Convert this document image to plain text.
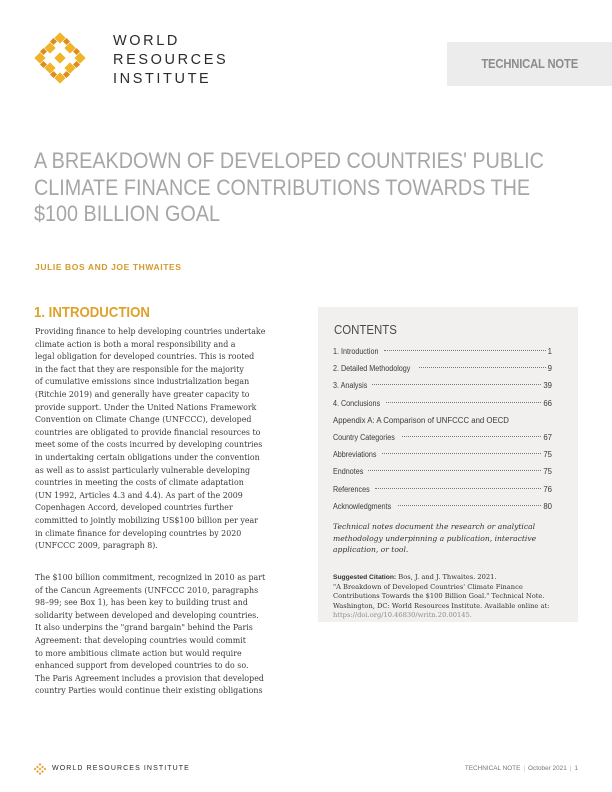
WORLD
RESOURCES
INSTITUTE
TECHNICAL NOTE
A BREAKDOWN OF DEVELOPED COUNTRIES' PUBLIC
CLIMATE FINANCE CONTRIBUTIONS TOWARDS THE
$100 BILLION GOAL
JULIE BOS AND JOE THWAITES
1. INTRODUCTION
Providing finance to help developing countries undertake
climate action is both a moral responsibility and a
legal obligation for developed countries. This is rooted
in the fact that they are responsible for the majority
of cumulative emissions since industrialization began
(Ritchie 2019) and generally have greater capacity to
provide support. Under the United Nations Framework
Convention on Climate Change (UNFCCC), developed
countries are obligated to provide financial resources to
meet some of the costs incurred by developing countries
in undertaking certain obligations under the convention
as well as to assist particularly vulnerable developing
countries in meeting the costs of climate adaptation
(UN 1992, Articles 4.3 and 4.4). As part of the 2009
Copenhagen Accord, developed countries further
committed to jointly mobilizing US$100 billion per year
in climate finance for developing countries by 2020
(UNFCCC 2009, paragraph 8).
The $100 billion commitment, recognized in 2010 as part
of the Cancun Agreements (UNFCCC 2010, paragraphs
98–99; see Box 1), has been key to building trust and
solidarity between developed and developing countries.
It also underpins the "grand bargain" behind the Paris
Agreement: that developing countries would commit
to more ambitious climate action but would require
enhanced support from developed countries to do so.
The Paris Agreement includes a provision that developed
country Parties would continue their existing obligations
CONTENTS
1. Introduction	1
2. Detailed Methodology	9
3. Analysis	39
4. Conclusions	66
Appendix A: A Comparison of UNFCCC and OECD
Country Categories	67
Abbreviations	75
Endnotes	75
References	76
Acknowledgments	80
Technical notes document the research or analytical
methodology underpinning a publication, interactive
application, or tool.
Suggested Citation: Bos, J. and J. Thwaites. 2021.
"A Breakdown of Developed Countries' Climate Finance
Contributions Towards the $100 Billion Goal." Technical Note.
Washington, DC: World Resources Institute. Available online at:
https://doi.org/10.46830/writn.20.00145.
WORLD RESOURCES INSTITUTE	TECHNICAL NOTE | October 2021 | 1
